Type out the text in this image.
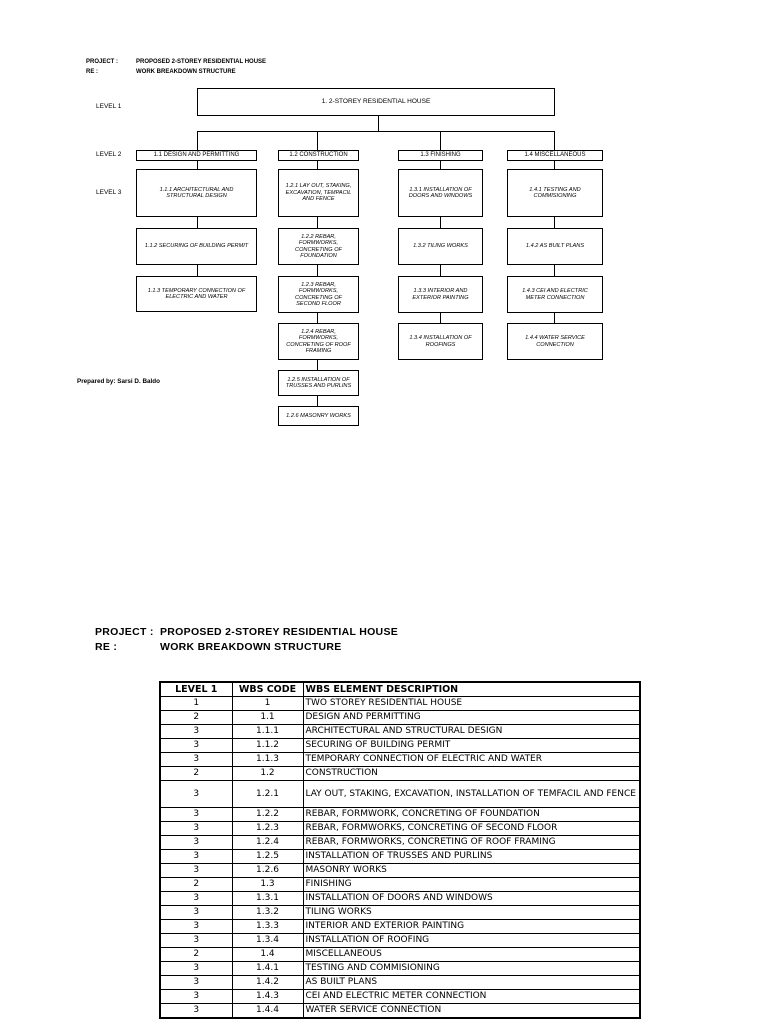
PROJECT :	PROPOSED 2-STOREY RESIDENTIAL HOUSE
RE :	WORK BREAKDOWN STRUCTURE
LEVEL 1
LEVEL 2
LEVEL 3
1. 2-STOREY RESIDENTIAL HOUSE
1.1 DESIGN AND PERMITTING	1.2 CONSTRUCTION	1.3 FINISHING	1.4 MISCELLANEOUS
1.1.1 ARCHITECTURAL AND STRUCTURAL DESIGN
1.1.2 SECURING OF BUILDING PERMIT
1.1.3 TEMPORARY CONNECTION OF ELECTRIC AND WATER
1.2.1 LAY OUT, STAKING, EXCAVATION, TEMPACIL AND FENCE
1.2.2 REBAR, FORMWORKS, CONCRETING OF FOUNDATION
1.2.3 REBAR, FORMWORKS, CONCRETING OF SECOND FLOOR
1.2.4 REBAR, FORMWORKS, CONCRETING OF ROOF FRAMING
1.2.5 INSTALLATION OF TRUSSES AND PURLINS
1.2.6 MASONRY WORKS
1.3.1 INSTALLATION OF DOORS AND WINDOWS
1.3.2 TILING WORKS
1.3.3 INTERIOR AND EXTERIOR PAINTING
1.3.4 INSTALLATION OF ROOFINGS
1.4.1 TESTING AND COMMISIONING
1.4.2 AS BUILT PLANS
1.4.3 CEI AND ELECTRIC METER CONNECTION
1.4.4 WATER SERVICE CONNECTION
Prepared by: Sarsi D. Baldo
PROJECT : PROPOSED 2-STOREY RESIDENTIAL HOUSE
RE :	WORK BREAKDOWN STRUCTURE
LEVEL 1	WBS CODE	WBS ELEMENT DESCRIPTION
1	1	TWO STOREY RESIDENTIAL HOUSE
2	1.1	DESIGN AND PERMITTING
3	1.1.1	ARCHITECTURAL AND STRUCTURAL DESIGN
3	1.1.2	SECURING OF BUILDING PERMIT
3	1.1.3	TEMPORARY CONNECTION OF ELECTRIC AND WATER
2	1.2	CONSTRUCTION
3	1.2.1	LAY OUT, STAKING, EXCAVATION, INSTALLATION OF TEMFACIL AND FENCE
3	1.2.2	REBAR, FORMWORK, CONCRETING OF FOUNDATION
3	1.2.3	REBAR, FORMWORKS, CONCRETING OF SECOND FLOOR
3	1.2.4	REBAR, FORMWORKS, CONCRETING OF ROOF FRAMING
3	1.2.5	INSTALLATION OF TRUSSES AND PURLINS
3	1.2.6	MASONRY WORKS
2	1.3	FINISHING
3	1.3.1	INSTALLATION OF DOORS AND WINDOWS
3	1.3.2	TILING WORKS
3	1.3.3	INTERIOR AND EXTERIOR PAINTING
3	1.3.4	INSTALLATION OF ROOFING
2	1.4	MISCELLANEOUS
3	1.4.1	TESTING AND COMMISIONING
3	1.4.2	AS BUILT PLANS
3	1.4.3	CEI AND ELECTRIC METER CONNECTION
3	1.4.4	WATER SERVICE CONNECTION
